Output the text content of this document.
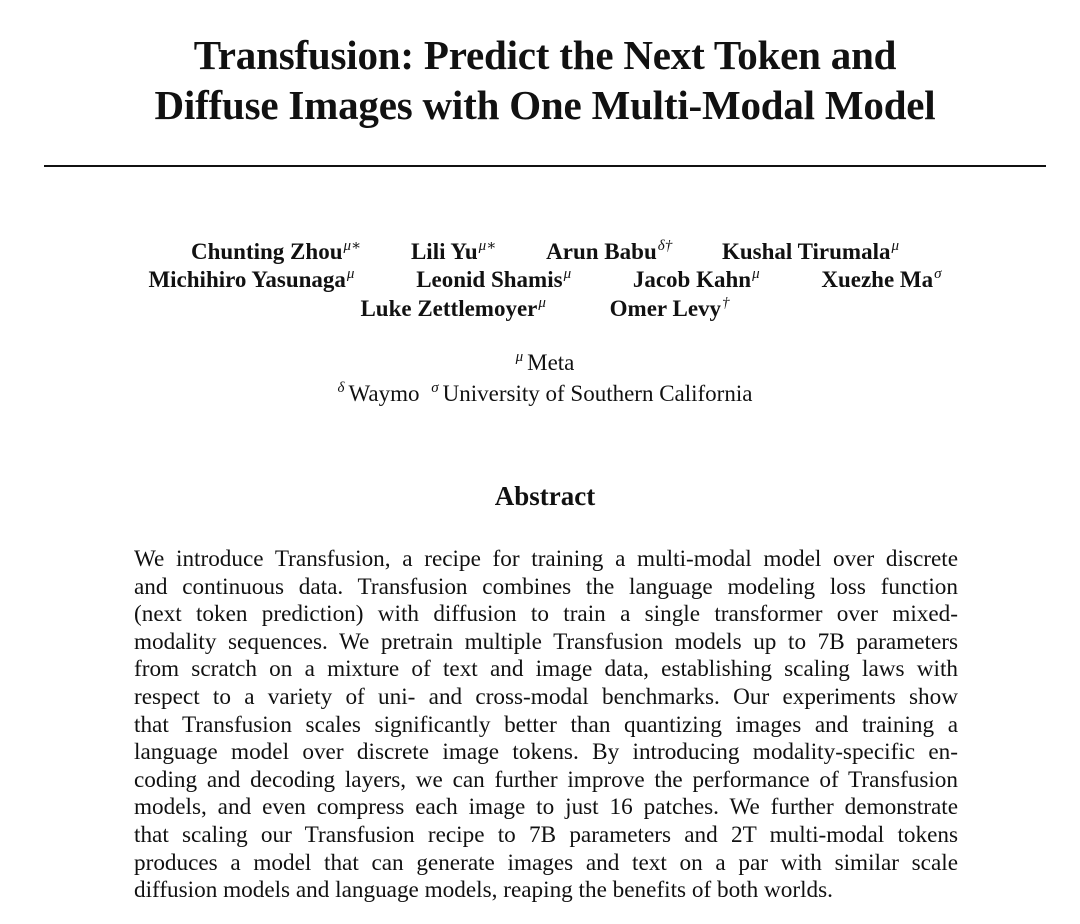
Transfusion: Predict the Next Token and
Diffuse Images with One Multi-Modal Model
Chunting Zhou$^{\mu∗}$ Lili $Yu^{\mu∗}$ Arun Babu$^{\delta\dagger}$ Kushal Tirumala$^\mu$
Michihiro Yasunaga$^\mu$	Leonid Shamis$^\mu$	Jacob Kahn$^\mu$	Xuezhe $Ma^\sigma$
Luke Zettlemoyer$^\mu$	Omer Levy†
$^\mu$ Meta
$^\delta$ Waymo $^\sigma$ University of Southern California
Abstract
We introduce Transfusion, a recipe for training a multi-modal model over discrete
and continuous data. Transfusion combines the language modeling loss function
(next token prediction) with diffusion to train a single transformer over mixed-
modality sequences. We pretrain multiple Transfusion models up to 7B parameters
from scratch on a mixture of text and image data, establishing scaling laws with
respect to a variety of uni- and cross-modal benchmarks. Our experiments show
that Transfusion scales significantly better than quantizing images and training a
language model over discrete image tokens. By introducing modality-specific en-
coding and decoding layers, we can further improve the performance of Transfusion
models, and even compress each image to just 16 patches. We further demonstrate
that scaling our Transfusion recipe to 7B parameters and 2T multi-modal tokens
produces a model that can generate images and text on a par with similar scale
diffusion models and language models, reaping the benefits of both worlds.
